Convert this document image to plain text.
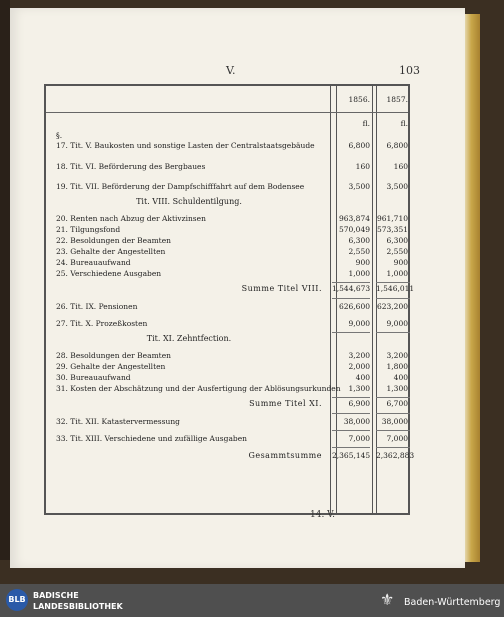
V.	103
1856.	1857.
fl.	fl.
§.
17. Tit. V. Baukosten und sonstige Lasten der Centralstaatsgebäude	6,800	6,800
18. Tit. VI. Beförderung des Bergbaues	160	160
19. Tit. VII. Beförderung der Dampfschifffahrt auf dem Bodensee	3,500	3,500
Tit. VIII. Schuldentilgung.
20. Renten nach Abzug der Aktivzinsen	963,874 961,710
21. Tilgungsfond	570,049 573,351
22. Besoldungen der Beamten	6,300	6,300
23. Gehalte der Angestellten	2,550	2,550
24. Bureauaufwand	900	900
25. Verschiedene Ausgaben	1,000	1,000
Summe Titel VIII. 1,544,673 1,546,011
26. Tit. IX. Pensionen	626,600 623,200
27. Tit. X. Prozeßkosten	9,000	9,000
Tit. XI. Zehntfection.
28. Besoldungen der Beamten	3,200	3,200
29. Gehalte der Angestellten	2,000	1,800
30. Bureauaufwand	400	400
31. Kosten der Abschätzung und der Ausfertigung der Ablösungsurkunden	1,300	1,300
Summe Titel XI.	6,900	6,700
32. Tit. XII. Katastervermessung	38,000	38,000
33. Tit. XIII. Verschiedene und zufällige Ausgaben	7,000	7,000
Gesammtsumme 2,365,145 2,362,883
14. V.
BLB BADISCHE
LANDESBIBLIOTHEK	⚜	Baden-Württemberg
